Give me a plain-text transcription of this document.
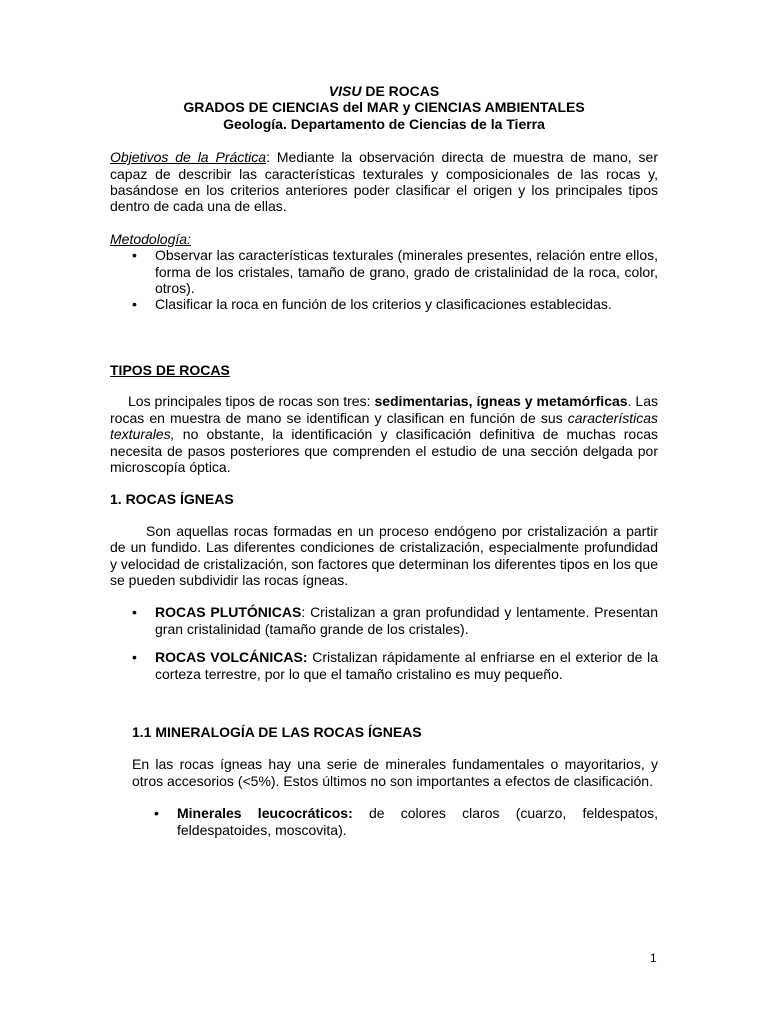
VISU DE ROCAS
GRADOS DE CIENCIAS del MAR y CIENCIAS AMBIENTALES
Geología. Departamento de Ciencias de la Tierra

Objetivos de la Práctica: Mediante la observación directa de muestra de mano, ser capaz de describir las características texturales y composicionales de las rocas y, basándose en los criterios anteriores poder clasificar el origen y los principales tipos dentro de cada una de ellas.

Metodología:

• Observar las características texturales (minerales presentes, relación entre ellos, forma de los cristales, tamaño de grano, grado de cristalinidad de la roca, color, otros).
• Clasificar la roca en función de los criterios y clasificaciones establecidas.

TIPOS DE ROCAS

Los principales tipos de rocas son tres: sedimentarias, ígneas y metamórficas. Las rocas en muestra de mano se identifican y clasifican en función de sus características texturales, no obstante, la identificación y clasificación definitiva de muchas rocas necesita de pasos posteriores que comprenden el estudio de una sección delgada por microscopía óptica.

1. ROCAS ÍGNEAS

Son aquellas rocas formadas en un proceso endógeno por cristalización a partir de un fundido. Las diferentes condiciones de cristalización, especialmente profundidad y velocidad de cristalización, son factores que determinan los diferentes tipos en los que se pueden subdividir las rocas ígneas.

• ROCAS PLUTÓNICAS: Cristalizan a gran profundidad y lentamente. Presentan gran cristalinidad (tamaño grande de los cristales).
• ROCAS VOLCÁNICAS: Cristalizan rápidamente al enfriarse en el exterior de la corteza terrestre, por lo que el tamaño cristalino es muy pequeño.

1.1 MINERALOGÍA DE LAS ROCAS ÍGNEAS

En las rocas ígneas hay una serie de minerales fundamentales o mayoritarios, y otros accesorios (<5%). Estos últimos no son importantes a efectos de clasificación.

• Minerales leucocráticos: de colores claros (cuarzo, feldespatos, feldespatoides, moscovita).
1
